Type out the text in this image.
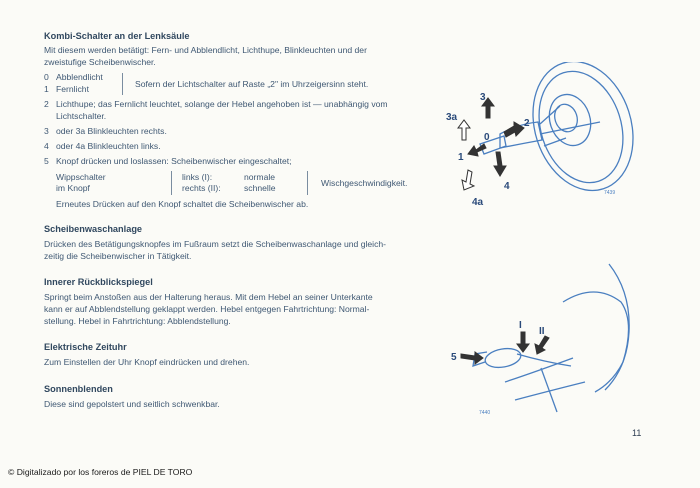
Kombi-Schalter an der Lenksäule
Mit diesem werden betätigt: Fern- und Abblendlicht, Lichthupe, Blinkleuchten und der
zweistufige Scheibenwischer.
0 Abblendlicht
1 Fernlicht	Sofern der Lichtschalter auf Raste „2" im Uhrzeigersinn steht.
2 Lichthupe; das Fernlicht leuchtet, solange der Hebel angehoben ist — unabhängig vom
Lichtschalter.
3 oder 3a Blinkleuchten rechts.
4 oder 4a Blinkleuchten links.
5 Knopf drücken und loslassen: Scheibenwischer eingeschaltet;
Wippschalter
im Knopf
links (I):
rechts (II):
normale
schnelle	Wischgeschwindigkeit.
Erneutes Drücken auf den Knopf schaltet die Scheibenwischer ab.
Scheibenwaschanlage
Drücken des Betätigungsknopfes im Fußraum setzt die Scheibenwaschanlage und gleich-
zeitig die Scheibenwischer in Tätigkeit.
Innerer Rückblickspiegel
Springt beim Anstoßen aus der Halterung heraus. Mit dem Hebel an seiner Unterkante
kann er auf Abblendstellung geklappt werden. Hebel entgegen Fahrtrichtung: Normal-
stellung. Hebel in Fahrtrichtung: Abblendstellung.
Elektrische Zeituhr
Zum Einstellen der Uhr Knopf eindrücken und drehen.
Sonnenblenden
Diese sind gepolstert und seitlich schwenkbar.
3
3a
2
0
1
4
4a
7439
I
II
5
7440
11
© Digitalizado por los foreros de PIEL DE TORO
